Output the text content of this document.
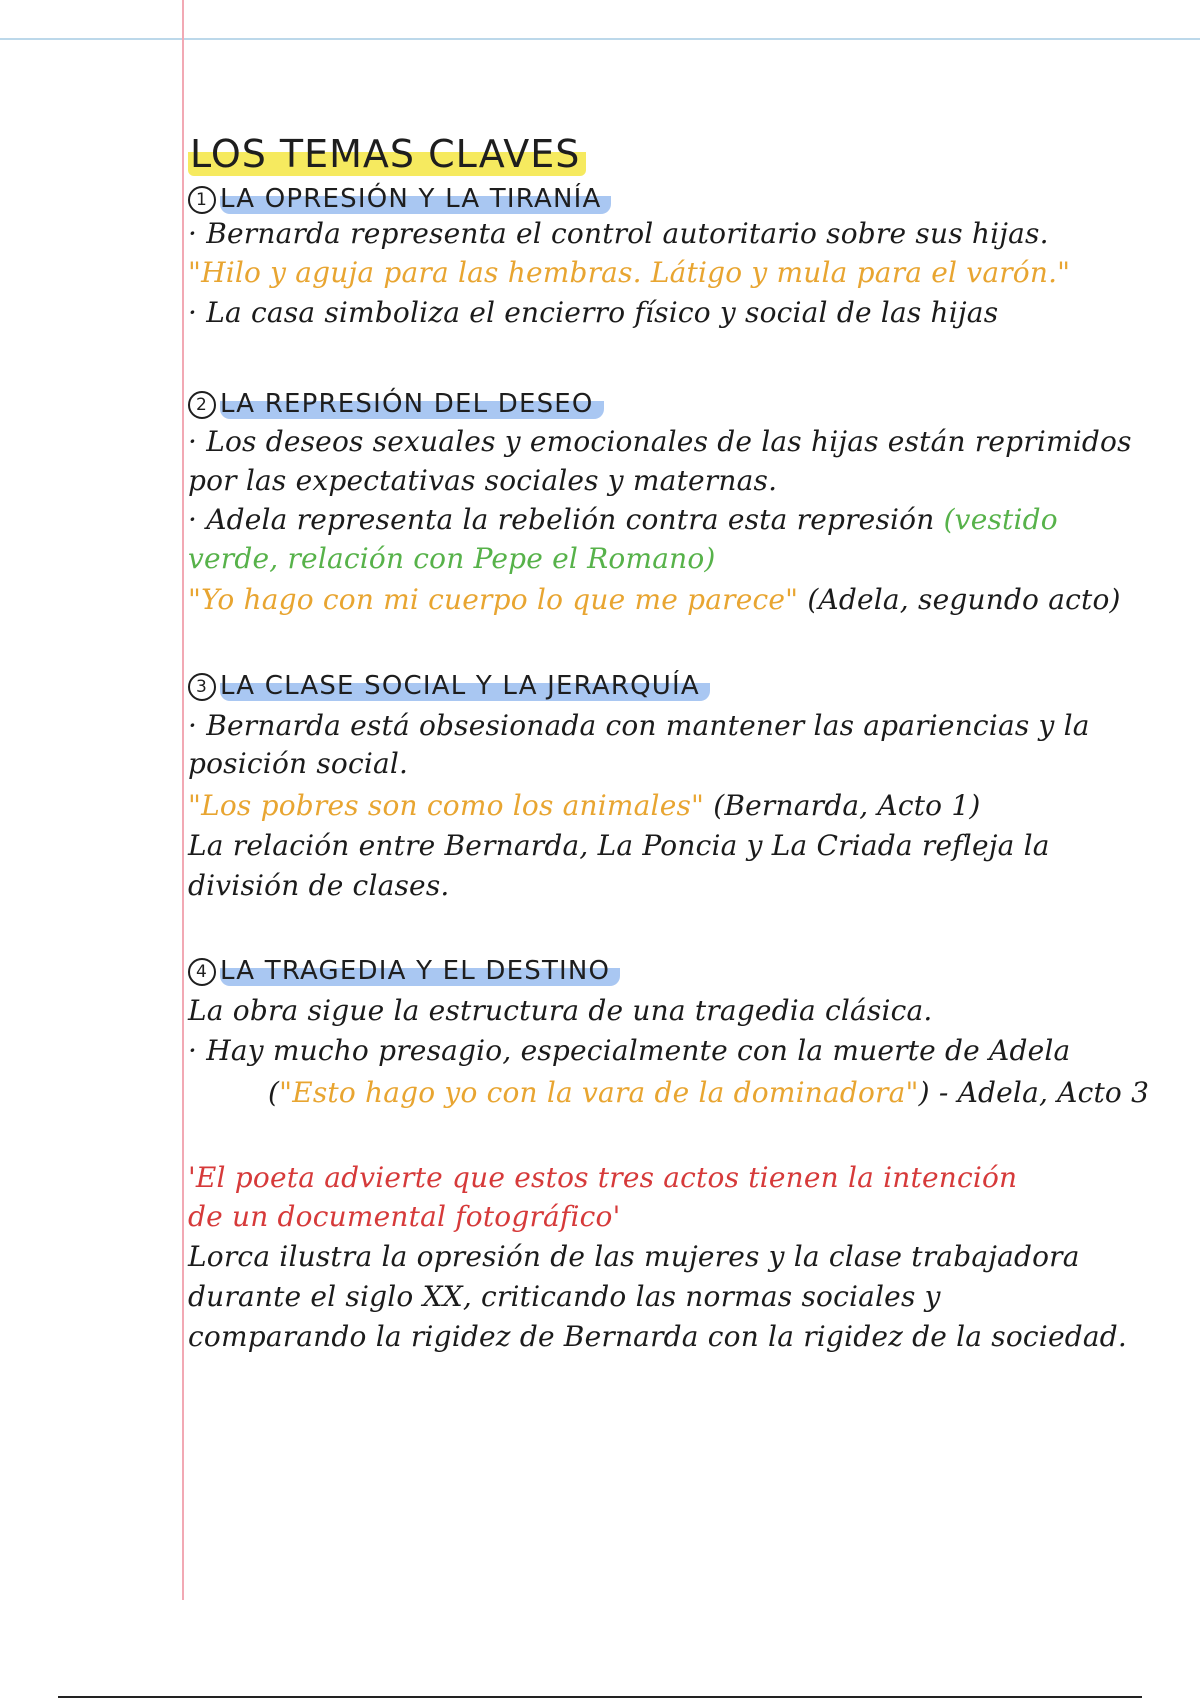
LOS TEMAS CLAVES
1 LA OPRESIÓN Y LA TIRANÍA
· Bernarda representa el control autoritario sobre sus hijas.
"Hilo y aguja para las hembras. Látigo y mula para el varón."
· La casa simboliza el encierro físico y social de las hijas
2 LA REPRESIÓN DEL DESEO
· Los deseos sexuales y emocionales de las hijas están reprimidos
por las expectativas sociales y maternas.
· Adela representa la rebelión contra esta represión (vestido
verde, relación con Pepe el Romano)
"Yo hago con mi cuerpo lo que me parece" (Adela, segundo acto)
3 LA CLASE SOCIAL Y LA JERARQUÍA
· Bernarda está obsesionada con mantener las apariencias y la
posición social.
"Los pobres son como los animales" (Bernarda, Acto 1)
La relación entre Bernarda, La Poncia y La Criada refleja la
división de clases.
4 LA TRAGEDIA Y EL DESTINO
La obra sigue la estructura de una tragedia clásica.
· Hay mucho presagio, especialmente con la muerte de Adela
("Esto hago yo con la vara de la dominadora") - Adela, Acto 3
'El poeta advierte que estos tres actos tienen la intención
de un documental fotográfico'
Lorca ilustra la opresión de las mujeres y la clase trabajadora
durante el siglo XX, criticando las normas sociales y
comparando la rigidez de Bernarda con la rigidez de la sociedad.
